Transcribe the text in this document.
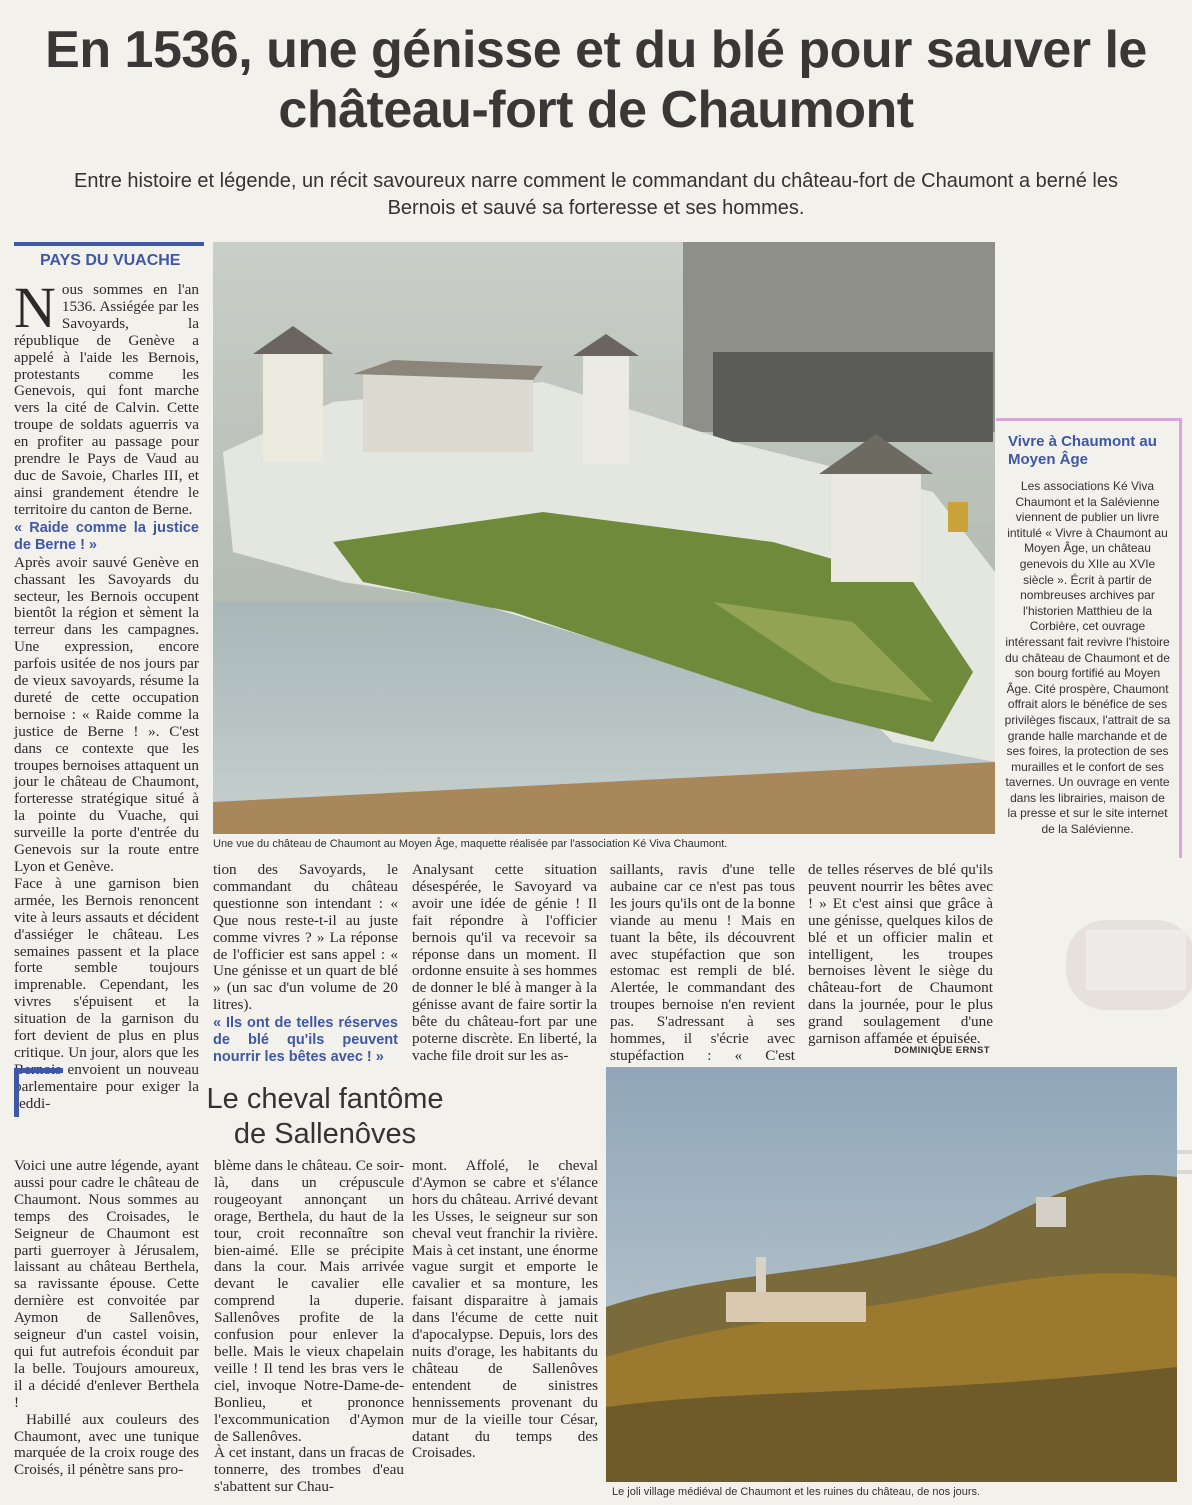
En 1536, une génisse et du blé pour sauver le château-fort de Chaumont
Entre histoire et légende, un récit savoureux narre comment le commandant du château-fort de Chaumont a berné les Bernois et sauvé sa forteresse et ses hommes.
PAYS DU VUACHE
N ous sommes en l'an 1536. Assiégée par les Savoyards, la république de Genève a appelé à l'aide les Bernois, protestants comme les Genevois, qui font marche vers la cité de Calvin. Cette troupe de soldats aguerris va en profiter au passage pour prendre le Pays de Vaud au duc de Savoie, Charles III, et ainsi grandement étendre le territoire du canton de Berne.

« Raide comme la justice de Berne ! »

Après avoir sauvé Genève en chassant les Savoyards du secteur, les Bernois occupent bientôt la région et sèment la terreur dans les campagnes. Une expression, encore parfois usitée de nos jours par de vieux savoyards, résume la dureté de cette occupation bernoise : « Raide comme la justice de Berne ! ». C'est dans ce contexte que les troupes bernoises attaquent un jour le château de Chaumont, forteresse stratégique situé à la pointe du Vuache, qui surveille la porte d'entrée du Genevois sur la route entre Lyon et Genève.

Face à une garnison bien armée, les Bernois renoncent vite à leurs assauts et décident d'assiéger le château. Les semaines passent et la place forte semble toujours imprenable. Cependant, les vivres s'épuisent et la situation de la garnison du fort devient de plus en plus critique. Un jour, alors que les Bernois envoient un nouveau parlementaire pour exiger la reddi-

Une vue du château de Chaumont au Moyen Âge, maquette réalisée par l'association Ké Viva Chaumont.
Vivre à Chaumont au Moyen Âge
Les associations Ké Viva Chaumont et la Salévienne viennent de publier un livre intitulé « Vivre à Chaumont au Moyen Âge, un château genevois du XIIe au XVIe siècle ». Écrit à partir de nombreuses archives par l'historien Matthieu de la Corbière, cet ouvrage intéressant fait revivre l'histoire du château de Chaumont et de son bourg fortifié au Moyen Âge. Cité prospère, Chaumont offrait alors le bénéfice de ses privilèges fiscaux, l'attrait de sa grande halle marchande et de ses foires, la protection de ses murailles et le confort de ses tavernes. Un ouvrage en vente dans les librairies, maison de la presse et sur le site internet de la Salévienne.

tion des Savoyards, le commandant du château questionne son intendant : « Que nous reste-t-il au juste comme vivres ? » La réponse de l'officier est sans appel : « Une génisse et un quart de blé » (un sac d'un volume de 20 litres).

« Ils ont de telles réserves de blé qu'ils peuvent nourrir les bêtes avec ! »

Analysant cette situation désespérée, le Savoyard va avoir une idée de génie ! Il fait répondre à l'officier bernois qu'il va recevoir sa réponse dans un moment. Il ordonne ensuite à ses hommes de donner le blé à manger à la génisse avant de faire sortir la bête du château-fort par une poterne discrète. En liberté, la vache file droit sur les as-

saillants, ravis d'une telle aubaine car ce n'est pas tous les jours qu'ils ont de la bonne viande au menu ! Mais en tuant la bête, ils découvrent avec stupéfaction que son estomac est rempli de blé. Alertée, le commandant des troupes bernoise n'en revient pas. S'adressant à ses hommes, il s'écrie avec stupéfaction : « C'est

de telles réserves de blé qu'ils peuvent nourrir les bêtes avec ! » Et c'est ainsi que grâce à une génisse, quelques kilos de blé et un officier malin et intelligent, les troupes bernoises lèvent le siège du château-fort de Chaumont dans la journée, pour le plus grand soulagement d'une garnison affamée et épuisée.

DOMINIQUE ERNST
Le cheval fantôme de Sallenôves

Voici une autre légende, ayant aussi pour cadre le château de Chaumont. Nous sommes au temps des Croisades, le Seigneur de Chaumont est parti guerroyer à Jérusalem, laissant au château Berthela, sa ravissante épouse. Cette dernière est convoitée par Aymon de Sallenôves, seigneur d'un castel voisin, qui fut autrefois éconduit par la belle. Toujours amoureux, il a décidé d'enlever Berthela !

Habillé aux couleurs des Chaumont, avec une tunique marquée de la croix rouge des Croisés, il pénètre sans pro-

blème dans le château. Ce soir-là, dans un crépuscule rougeoyant annonçant un orage, Berthela, du haut de la tour, croit reconnaître son bien-aimé. Elle se précipite dans la cour. Mais arrivée devant le cavalier elle comprend la duperie. Sallenôves profite de la confusion pour enlever la belle. Mais le vieux chapelain veille ! Il tend les bras vers le ciel, invoque Notre-Dame-de-Bonlieu, et prononce l'excommunication d'Aymon de Sallenôves.

À cet instant, dans un fracas de tonnerre, des trombes d'eau s'abattent sur Chau-

mont. Affolé, le cheval d'Aymon se cabre et s'élance hors du château. Arrivé devant les Usses, le seigneur sur son cheval veut franchir la rivière. Mais à cet instant, une énorme vague surgit et emporte le cavalier et sa monture, les faisant disparaitre à jamais dans l'écume de cette nuit d'apocalypse. Depuis, lors des nuits d'orage, les habitants du château de Sallenôves entendent de sinistres hennissements provenant du mur de la vieille tour César, datant du temps des Croisades.

Le joli village médiéval de Chaumont et les ruines du château, de nos jours.
